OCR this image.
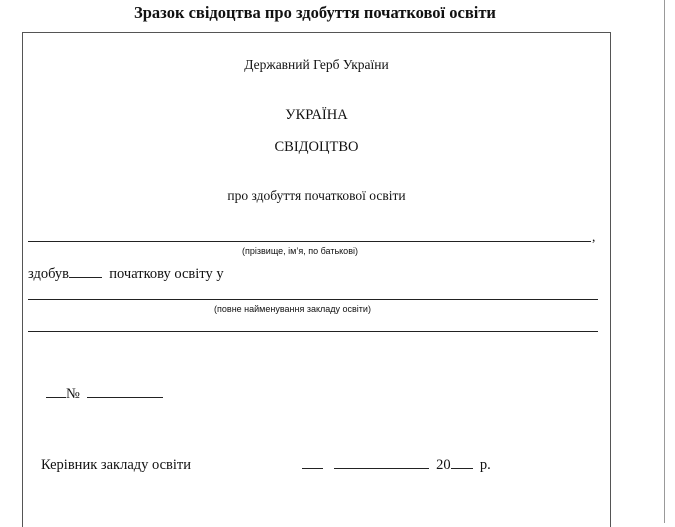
Зразок свідоцтва про здобуття початкової освіти
Державний Герб України
УКРАЇНА
СВІДОЦТВО
про здобуття початкової освіти
,
(прізвище, ім’я, по батькові)
здобув	початкову освіту у
(повне найменування закладу освіти)
№
Керівник закладу освіти	20 р.
